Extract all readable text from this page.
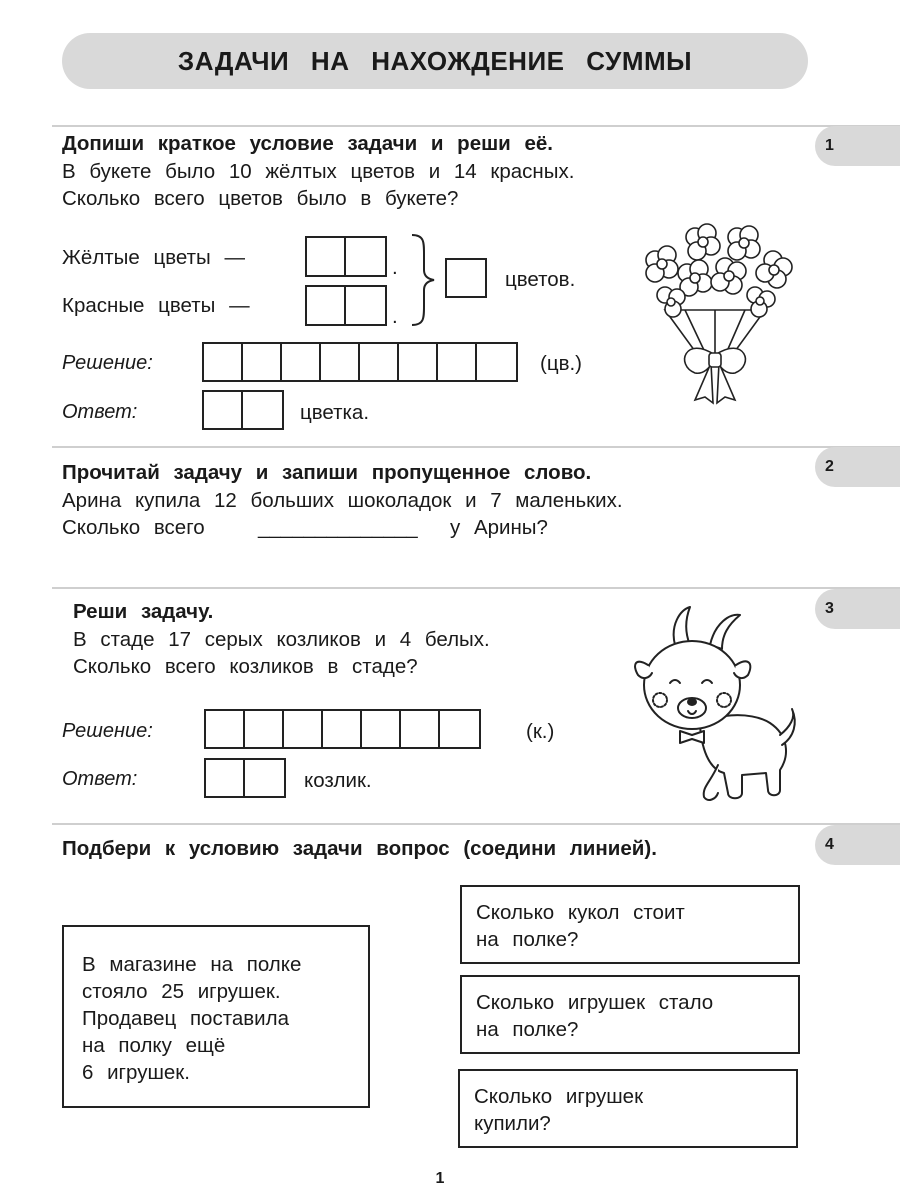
ЗАДАЧИ НА НАХОЖДЕНИЕ СУММЫ
1
Допиши краткое условие задачи и реши её.
В букете было 10 жёлтых цветов и 14 красных.
Сколько всего цветов было в букете?
Жёлтые цветы —	.
Красные цветы —	.
цветов.
Решение:	(цв.)
Ответ:	цветка.
2
Прочитай задачу и запиши пропущенное слово.
Арина купила 12 больших шоколадок и 7 маленьких.
Сколько всего	______________ у Арины?
3
Реши задачу.
В стаде 17 серых козликов и 4 белых.
Сколько всего козликов в стаде?
Решение:	(к.)
Ответ:	козлик.
4
Подбери к условию задачи вопрос (соедини линией).
В магазине на полке
стояло 25 игрушек.
Продавец поставила
на полку ещё
6 игрушек.
Сколько кукол стоит
на полке?
Сколько игрушек стало
на полке?
Сколько игрушек
купили?
1
